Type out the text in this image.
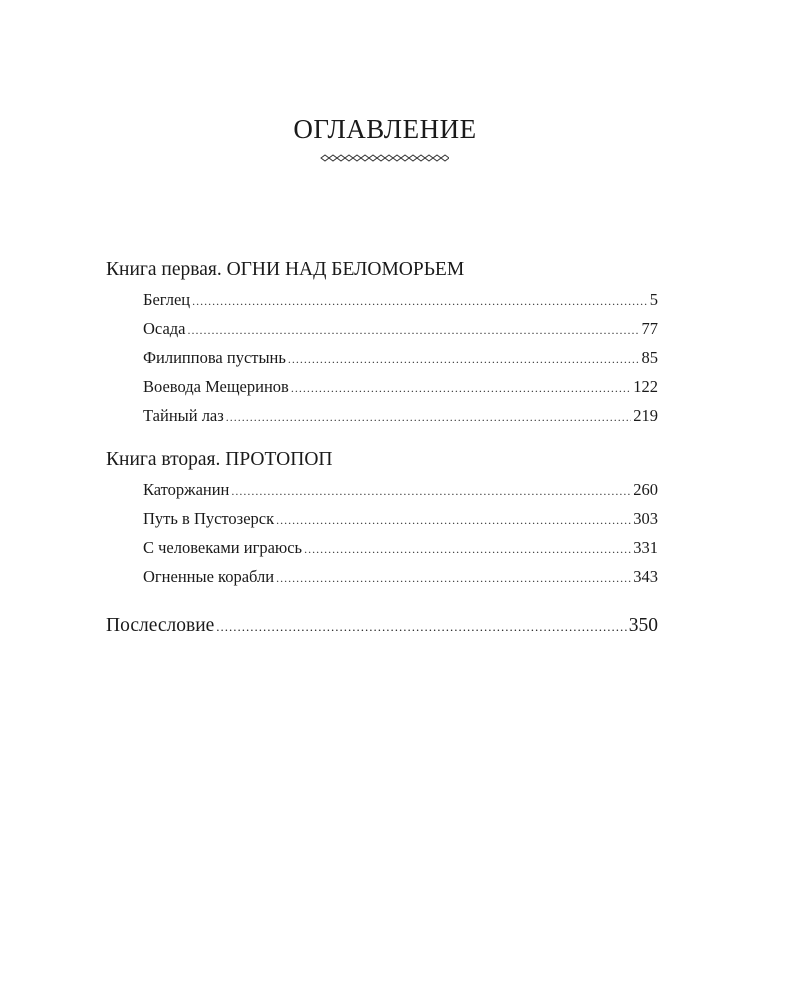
ОГЛАВЛЕНИЕ
Книга первая. ОГНИ НАД БЕЛОМОРЬЕМ
Беглец .....	5
Осада .....	77
Филиппова пустынь .....	85
Воевода Мещеринов .....	122
Тайный лаз .....	219
Книга вторая. ПРОТОПОП
Каторжанин .....	260
Путь в Пустозерск .....	303
С человеками играюсь .....	331
Огненные корабли .....	343
Послесловие .....	350
